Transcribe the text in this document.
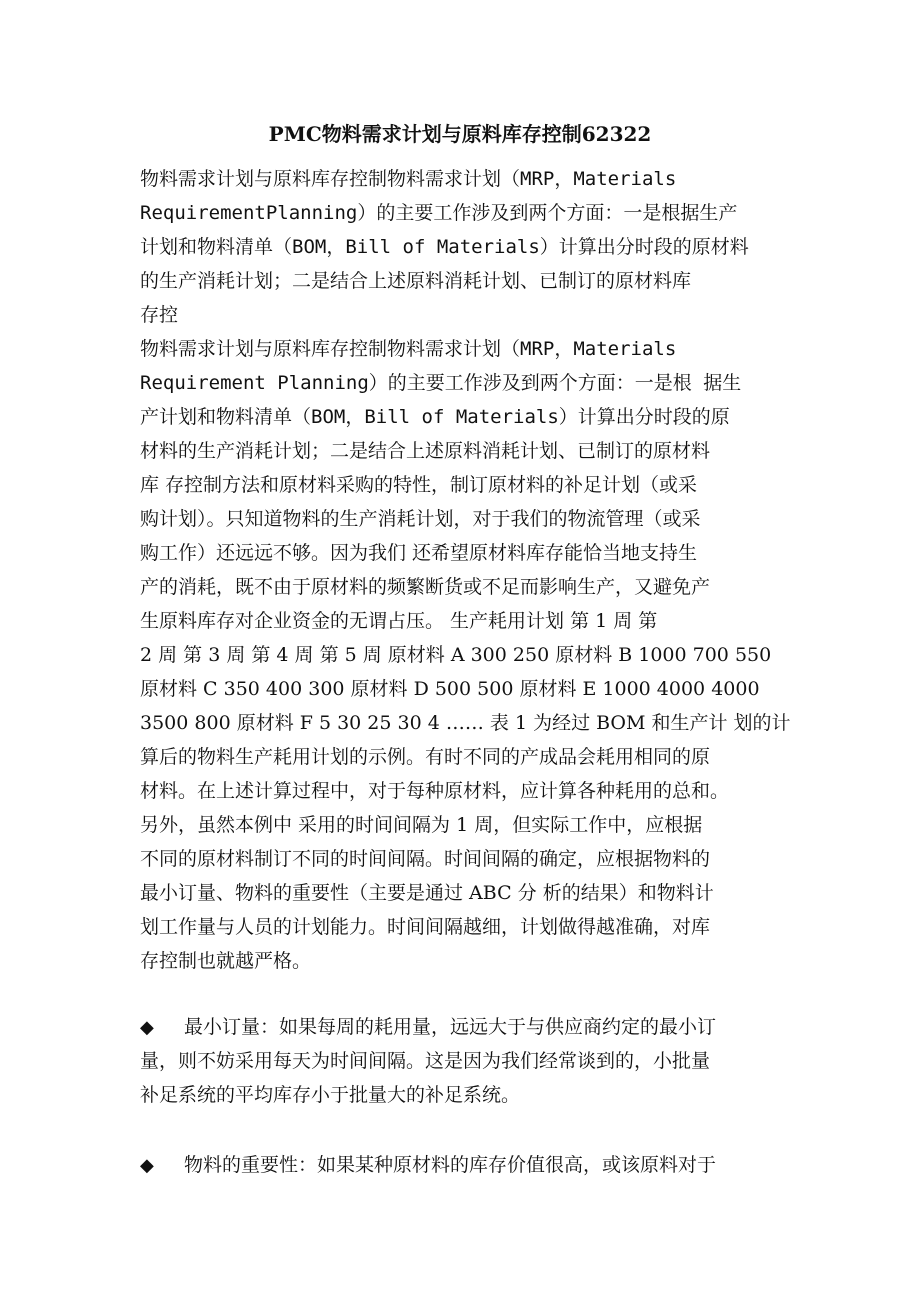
PMC物料需求计划与原料库存控制62322
物料需求计划与原料库存控制物料需求计划（MRP，Materials
RequirementPlanning）的主要工作涉及到两个方面：一是根据生产
计划和物料清单（BOM，Bill of Materials）计算出分时段的原材料
的生产消耗计划；二是结合上述原料消耗计划、已制订的原材料库
存控
物料需求计划与原料库存控制物料需求计划（MRP，Materials
Requirement Planning）的主要工作涉及到两个方面：一是根 据生
产计划和物料清单（BOM，Bill of Materials）计算出分时段的原
材料的生产消耗计划；二是结合上述原料消耗计划、已制订的原材料
库 存控制方法和原材料采购的特性，制订原材料的补足计划（或采
购计划）。只知道物料的生产消耗计划，对于我们的物流管理（或采
购工作）还远远不够。因为我们 还希望原材料库存能恰当地支持生
产的消耗，既不由于原材料的频繁断货或不足而影响生产，又避免产
生原料库存对企业资金的无谓占压。 生产耗用计划 第 1 周 第
2 周 第 3 周 第 4 周 第 5 周 原材料 A 300 250 原材料 B 1000 700 550
原材料 C 350 400 300 原材料 D 500 500 原材料 E 1000 4000 4000
3500 800 原材料 F 5 30 25 30 4 …… 表 1 为经过 BOM 和生产计 划的计
算后的物料生产耗用计划的示例。有时不同的产成品会耗用相同的原
材料。在上述计算过程中，对于每种原材料，应计算各种耗用的总和。
另外，虽然本例中 采用的时间间隔为 1 周，但实际工作中，应根据
不同的原材料制订不同的时间间隔。时间间隔的确定，应根据物料的
最小订量、物料的重要性（主要是通过 ABC 分 析的结果）和物料计
划工作量与人员的计划能力。时间间隔越细，计划做得越准确，对库
存控制也就越严格。
◆ 最小订量：如果每周的耗用量，远远大于与供应商约定的最小订
量，则不妨采用每天为时间间隔。这是因为我们经常谈到的，小批量
补足系统的平均库存小于批量大的补足系统。
◆ 物料的重要性：如果某种原材料的库存价值很高，或该原料对于
